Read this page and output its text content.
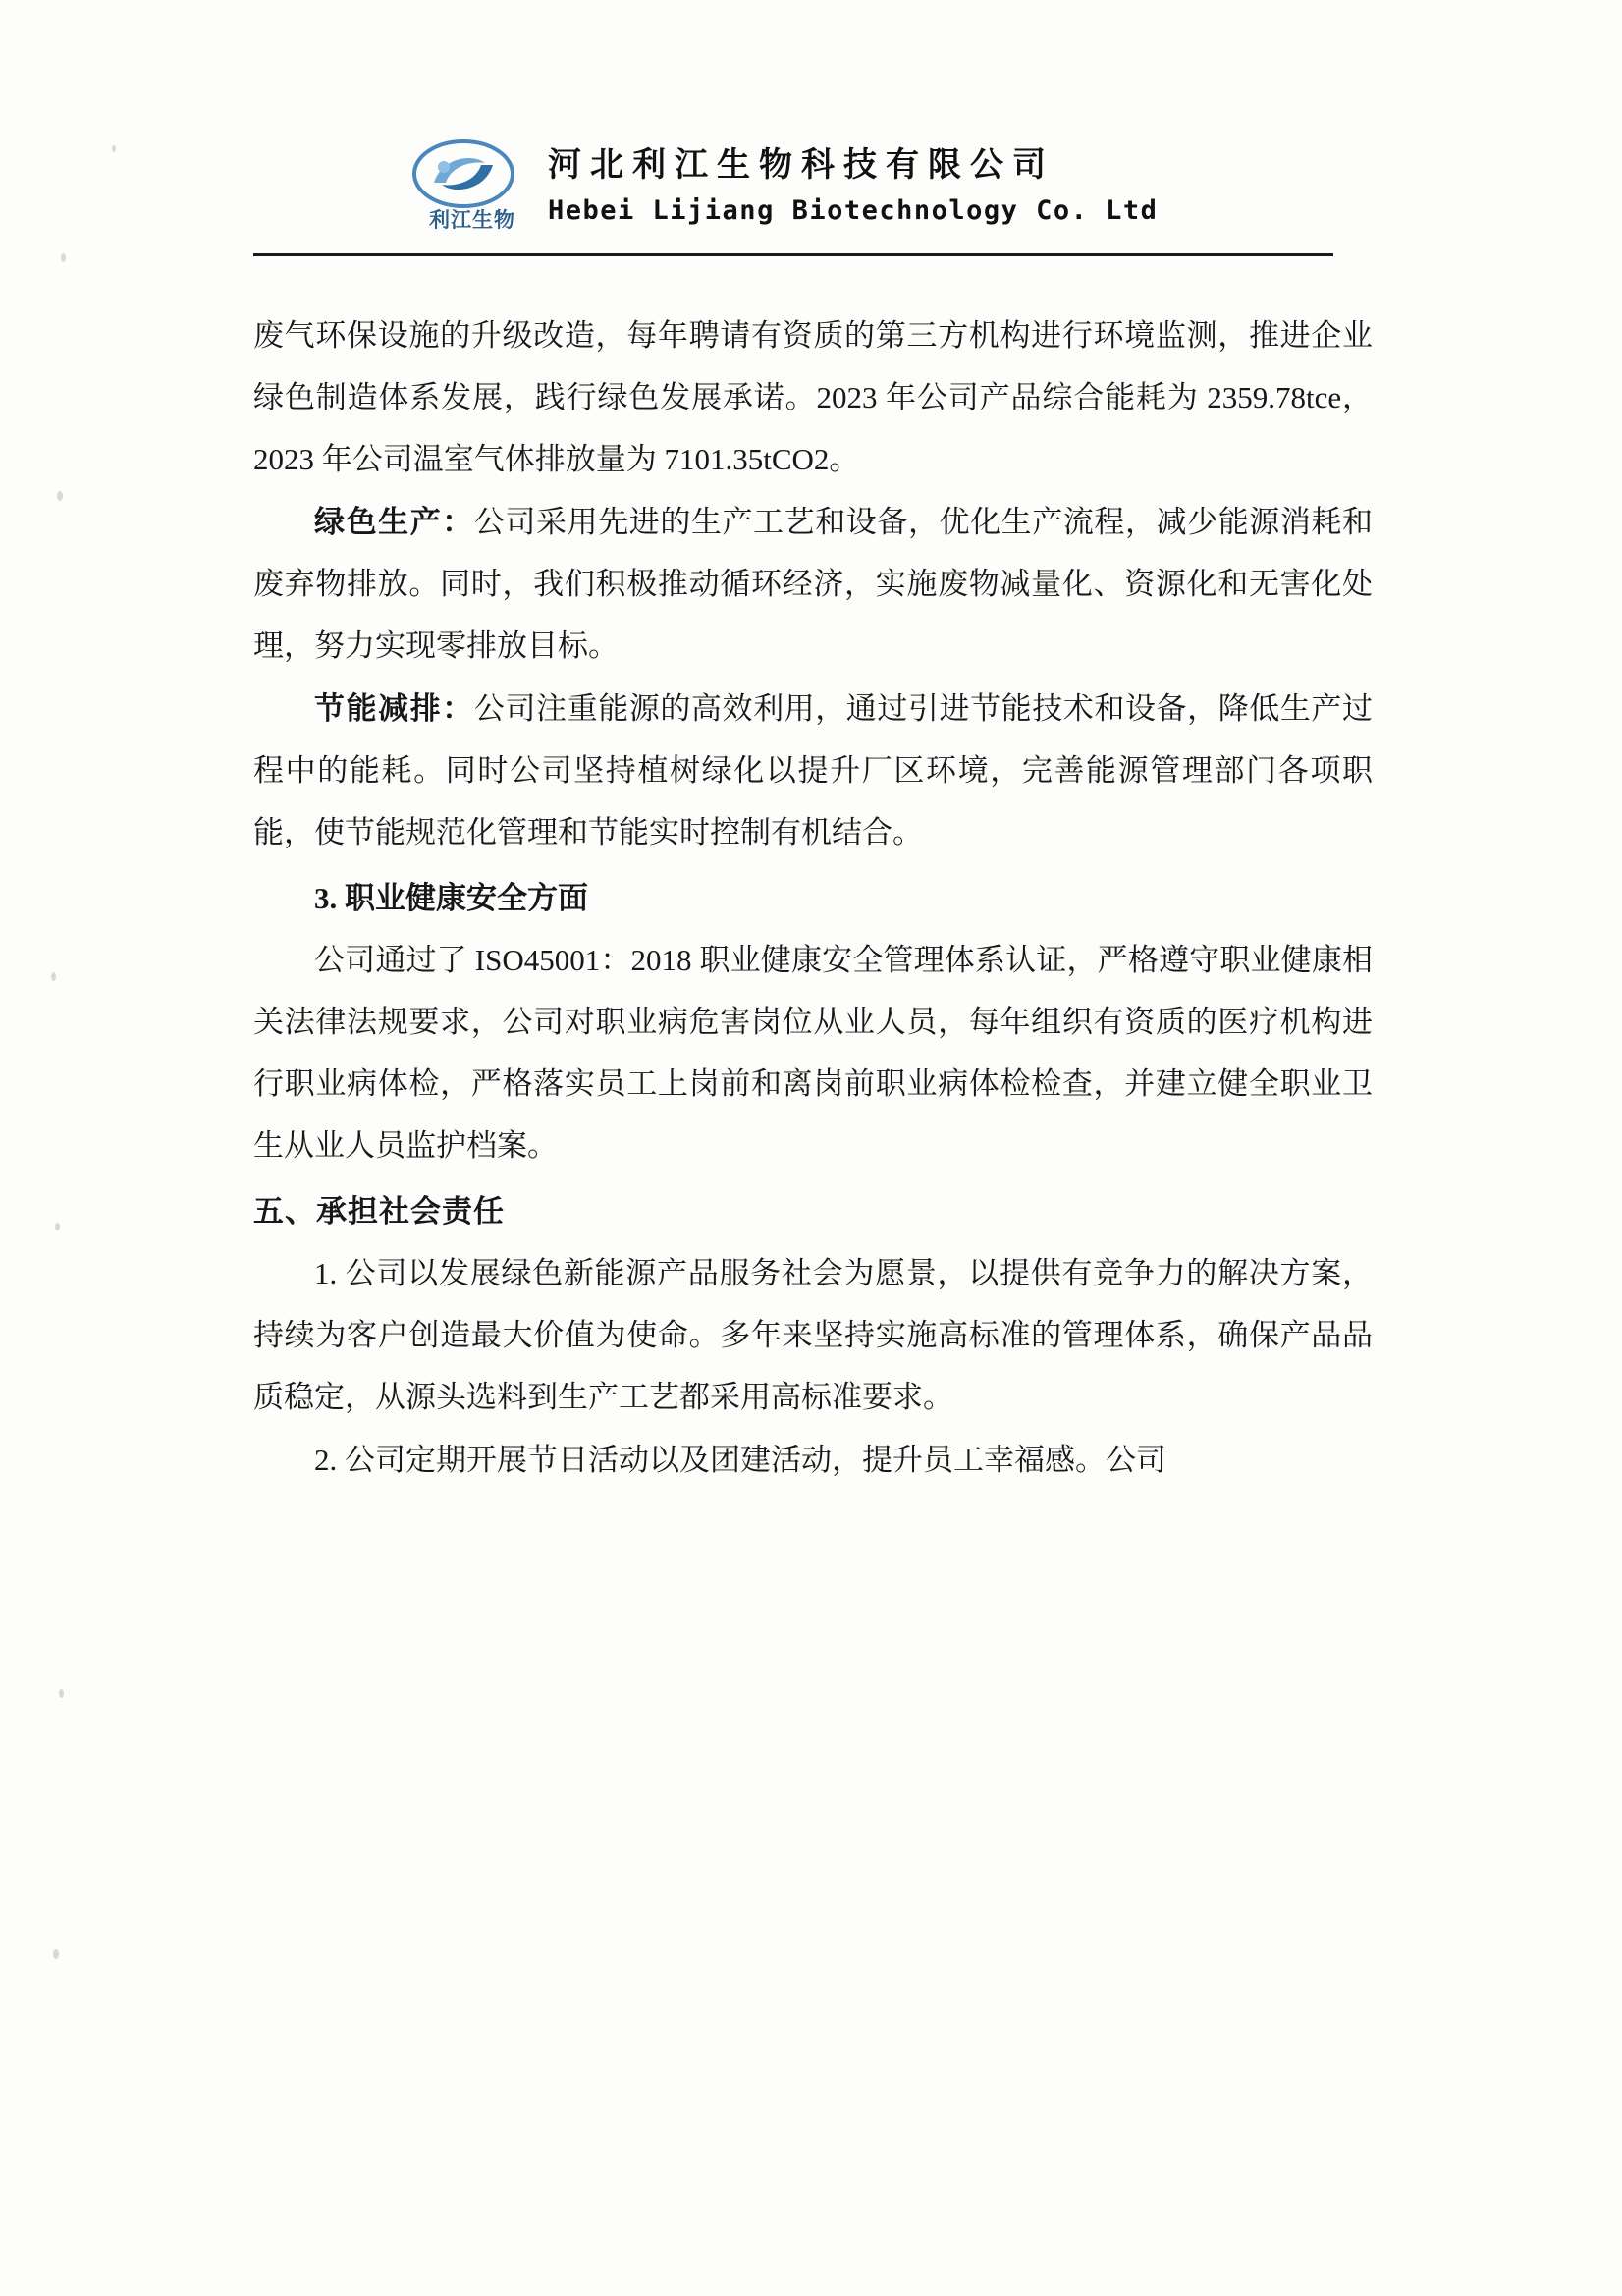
利江生物
河北利江生物科技有限公司
Hebei Lijiang Biotechnology Co. Ltd

废气环保设施的升级改造，每年聘请有资质的第三方机构进行环境监测，推进企业绿色制造体系发展，践行绿色发展承诺。2023 年公司产品综合能耗为 2359.78tce， 2023 年公司温室气体排放量为 7101.35tCO2。

绿色生产：公司采用先进的生产工艺和设备，优化生产流程，减少能源消耗和废弃物排放。同时，我们积极推动循环经济，实施废物减量化、资源化和无害化处理，努力实现零排放目标。

节能减排：公司注重能源的高效利用，通过引进节能技术和设备，降低生产过程中的能耗。同时公司坚持植树绿化以提升厂区环境，完善能源管理部门各项职能，使节能规范化管理和节能实时控制有机结合。

3. 职业健康安全方面

公司通过了 ISO45001：2018 职业健康安全管理体系认证，严格遵守职业健康相关法律法规要求，公司对职业病危害岗位从业人员，每年组织有资质的医疗机构进行职业病体检，严格落实员工上岗前和离岗前职业病体检检查，并建立健全职业卫生从业人员监护档案。

五、承担社会责任

1. 公司以发展绿色新能源产品服务社会为愿景，以提供有竞争力的解决方案，持续为客户创造最大价值为使命。多年来坚持实施高标准的管理体系，确保产品品质稳定，从源头选料到生产工艺都采用高标准要求。

2. 公司定期开展节日活动以及团建活动，提升员工幸福感。公司
